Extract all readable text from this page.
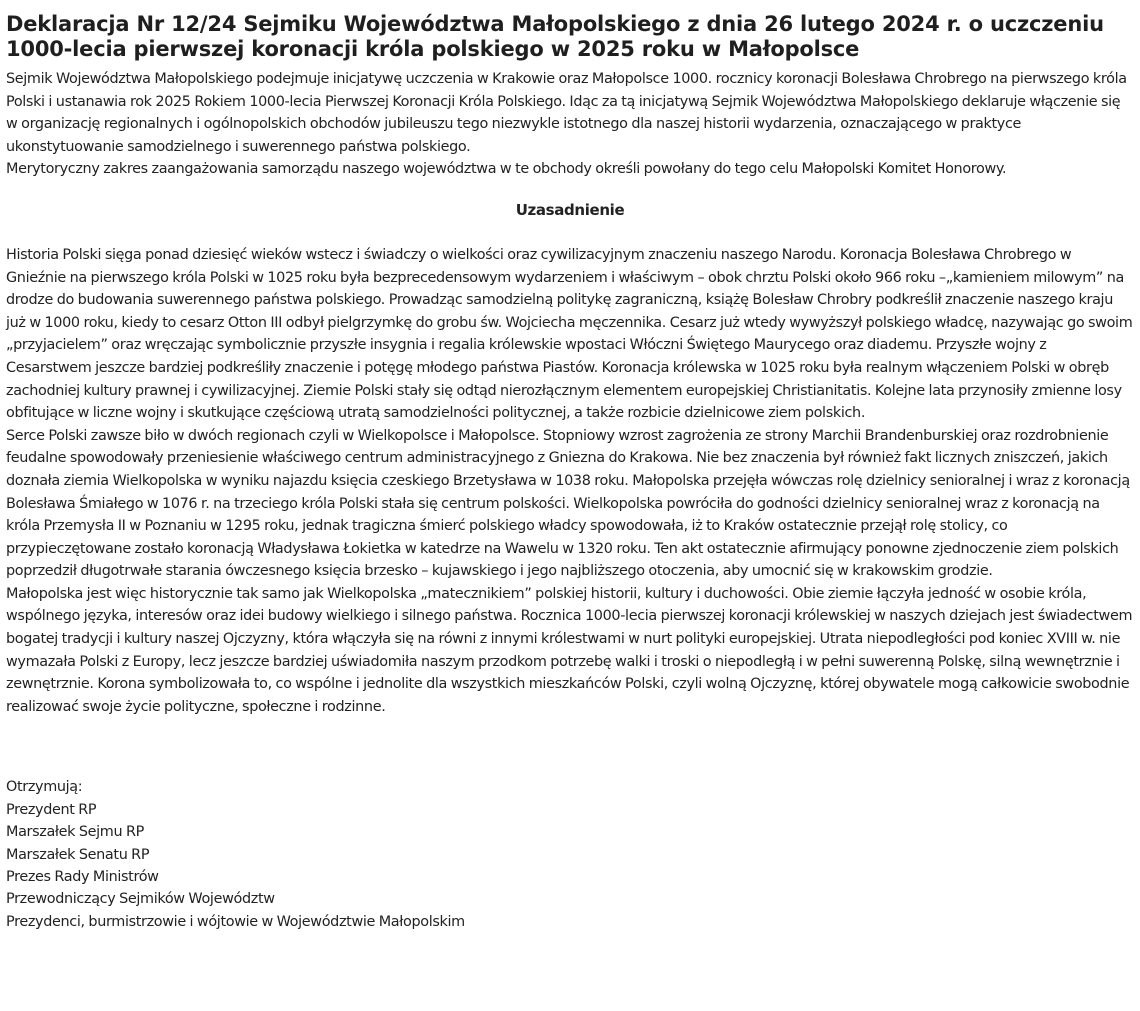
Deklaracja Nr 12/24 Sejmiku Województwa Małopolskiego z dnia 26 lutego 2024 r. o uczczeniu 1000-lecia pierwszej koronacji króla polskiego w 2025 roku w Małopolsce

Sejmik Województwa Małopolskiego podejmuje inicjatywę uczczenia w Krakowie oraz Małopolsce 1000. rocznicy koronacji Bolesława Chrobrego na pierwszego króla Polski i ustanawia rok 2025 Rokiem 1000-lecia Pierwszej Koronacji Króla Polskiego. Idąc za tą inicjatywą Sejmik Województwa Małopolskiego deklaruje włączenie się w organizację regionalnych i ogólnopolskich obchodów jubileuszu tego niezwykle istotnego dla naszej historii wydarzenia, oznaczającego w praktyce ukonstytuowanie samodzielnego i suwerennego państwa polskiego.

Merytoryczny zakres zaangażowania samorządu naszego województwa w te obchody określi powołany do tego celu Małopolski Komitet Honorowy.

Uzasadnienie

Historia Polski sięga ponad dziesięć wieków wstecz i świadczy o wielkości oraz cywilizacyjnym znaczeniu naszego Narodu. Koronacja Bolesława Chrobrego w Gnieźnie na pierwszego króla Polski w 1025 roku była bezprecedensowym wydarzeniem i właściwym – obok chrztu Polski około 966 roku –„kamieniem milowym” na drodze do budowania suwerennego państwa polskiego. Prowadząc samodzielną politykę zagraniczną, książę Bolesław Chrobry podkreślił znaczenie naszego kraju już w 1000 roku, kiedy to cesarz Otton III odbył pielgrzymkę do grobu św. Wojciecha męczennika. Cesarz już wtedy wywyższył polskiego władcę, nazywając go swoim „przyjacielem” oraz wręczając symbolicznie przyszłe insygnia i regalia królewskie wpostaci Włóczni Świętego Maurycego oraz diademu. Przyszłe wojny z Cesarstwem jeszcze bardziej podkreśliły znaczenie i potęgę młodego państwa Piastów. Koronacja królewska w 1025 roku była realnym włączeniem Polski w obręb zachodniej kultury prawnej i cywilizacyjnej. Ziemie Polski stały się odtąd nierozłącznym elementem europejskiej Christianitatis. Kolejne lata przynosiły zmienne losy obfitujące w liczne wojny i skutkujące częściową utratą samodzielności politycznej, a także rozbicie dzielnicowe ziem polskich.

Serce Polski zawsze biło w dwóch regionach czyli w Wielkopolsce i Małopolsce. Stopniowy wzrost zagrożenia ze strony Marchii Brandenburskiej oraz rozdrobnienie feudalne spowodowały przeniesienie właściwego centrum administracyjnego z Gniezna do Krakowa. Nie bez znaczenia był również fakt licznych zniszczeń, jakich doznała ziemia Wielkopolska w wyniku najazdu księcia czeskiego Brzetysława w 1038 roku. Małopolska przejęła wówczas rolę dzielnicy senioralnej i wraz z koronacją Bolesława Śmiałego w 1076 r. na trzeciego króla Polski stała się centrum polskości. Wielkopolska powróciła do godności dzielnicy senioralnej wraz z koronacją na króla Przemysła II w Poznaniu w 1295 roku, jednak tragiczna śmierć polskiego władcy spowodowała, iż to Kraków ostatecznie przejął rolę stolicy, co przypieczętowane zostało koronacją Władysława Łokietka w katedrze na Wawelu w 1320 roku. Ten akt ostatecznie afirmujący ponowne zjednoczenie ziem polskich poprzedził długotrwałe starania ówczesnego księcia brzesko – kujawskiego i jego najbliższego otoczenia, aby umocnić się w krakowskim grodzie.

Małopolska jest więc historycznie tak samo jak Wielkopolska „matecznikiem” polskiej historii, kultury i duchowości. Obie ziemie łączyła jedność w osobie króla, wspólnego języka, interesów oraz idei budowy wielkiego i silnego państwa. Rocznica 1000-lecia pierwszej koronacji królewskiej w naszych dziejach jest świadectwem bogatej tradycji i kultury naszej Ojczyzny, która włączyła się na równi z innymi królestwami w nurt polityki europejskiej. Utrata niepodległości pod koniec XVIII w. nie wymazała Polski z Europy, lecz jeszcze bardziej uświadomiła naszym przodkom potrzebę walki i troski o niepodległą i w pełni suwerenną Polskę, silną wewnętrznie i zewnętrznie. Korona symbolizowała to, co wspólne i jednolite dla wszystkich mieszkańców Polski, czyli wolną Ojczyznę, której obywatele mogą całkowicie swobodnie realizować swoje życie polityczne, społeczne i rodzinne.

Otrzymują:

Prezydent RP

Marszałek Sejmu RP

Marszałek Senatu RP

Prezes Rady Ministrów

Przewodniczący Sejmików Województw

Prezydenci, burmistrzowie i wójtowie w Województwie Małopolskim
